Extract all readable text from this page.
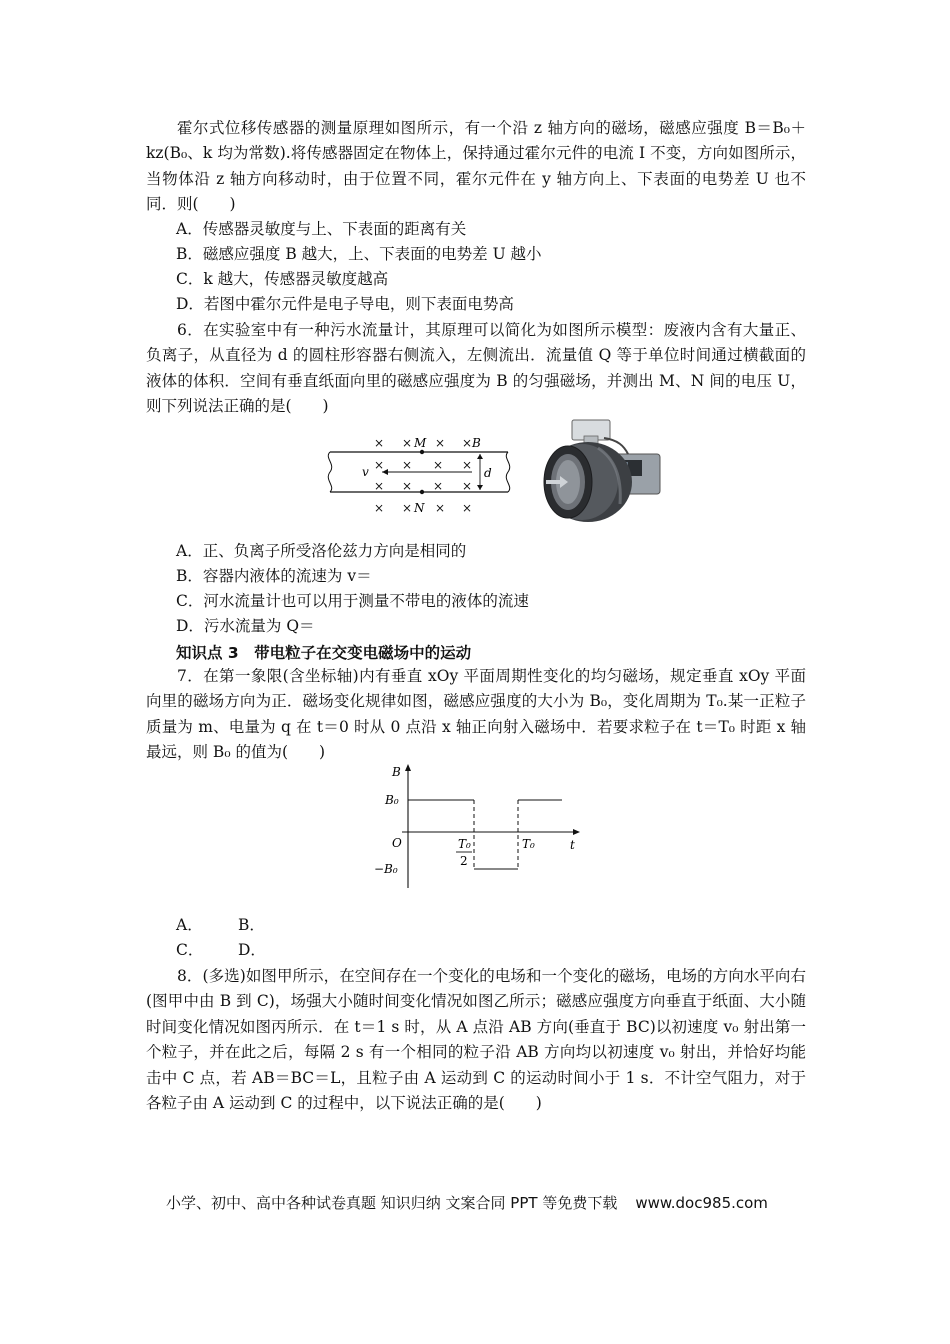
霍尔式位移传感器的测量原理如图所示，有一个沿 z 轴方向的磁场，磁感应强度 B＝B₀＋kz(B₀、k 均为常数).将传感器固定在物体上，保持通过霍尔元件的电流 I 不变，方向如图所示，当物体沿 z 轴方向移动时，由于位置不同，霍尔元件在 y 轴方向上、下表面的电势差 U 也不同．则(　　)

A．传感器灵敏度与上、下表面的距离有关

B．磁感应强度 B 越大，上、下表面的电势差 U 越小

C．k 越大，传感器灵敏度越高

D．若图中霍尔元件是电子导电，则下表面电势高

6．在实验室中有一种污水流量计，其原理可以简化为如图所示模型：废液内含有大量正、负离子，从直径为 d 的圆柱形容器右侧流入，左侧流出．流量值 Q 等于单位时间通过横截面的液体的体积．空间有垂直纸面向里的磁感应强度为 B 的匀强磁场，并测出 M、N 间的电压 U，则下列说法正确的是(　　)

× × × ×
× × × ×
× × × ×
× × × ×
M
N
B
v	d

A．正、负离子所受洛伦兹力方向是相同的

B．容器内液体的流速为 v＝

C．河水流量计也可以用于测量不带电的液体的流速

D．污水流量为 Q＝

知识点 3　带电粒子在交变电磁场中的运动

7．在第一象限(含坐标轴)内有垂直 xOy 平面周期性变化的均匀磁场，规定垂直 xOy 平面向里的磁场方向为正．磁场变化规律如图，磁感应强度的大小为 B₀，变化周期为 T₀.某一正粒子质量为 m、电量为 q 在 t＝0 时从 0 点沿 x 轴正向射入磁场中．若要求粒子在 t＝T₀ 时距 x 轴最远，则 B₀ 的值为(　　)

B
t
O
B₀
−B₀
T₀
2
T₀
A． B．
C． D．

8．(多选)如图甲所示，在空间存在一个变化的电场和一个变化的磁场，电场的方向水平向右(图甲中由 B 到 C)，场强大小随时间变化情况如图乙所示；磁感应强度方向垂直于纸面、大小随时间变化情况如图丙所示．在 t＝1 s 时，从 A 点沿 AB 方向(垂直于 BC)以初速度 v₀ 射出第一个粒子，并在此之后，每隔 2 s 有一个相同的粒子沿 AB 方向均以初速度 v₀ 射出，并恰好均能击中 C 点，若 AB＝BC＝L，且粒子由 A 运动到 C 的运动时间小于 1 s．不计空气阻力，对于各粒子由 A 运动到 C 的过程中，以下说法正确的是(　　)

小学、初中、高中各种试卷真题 知识归纳 文案合同 PPT 等免费下载 www.doc985.com
